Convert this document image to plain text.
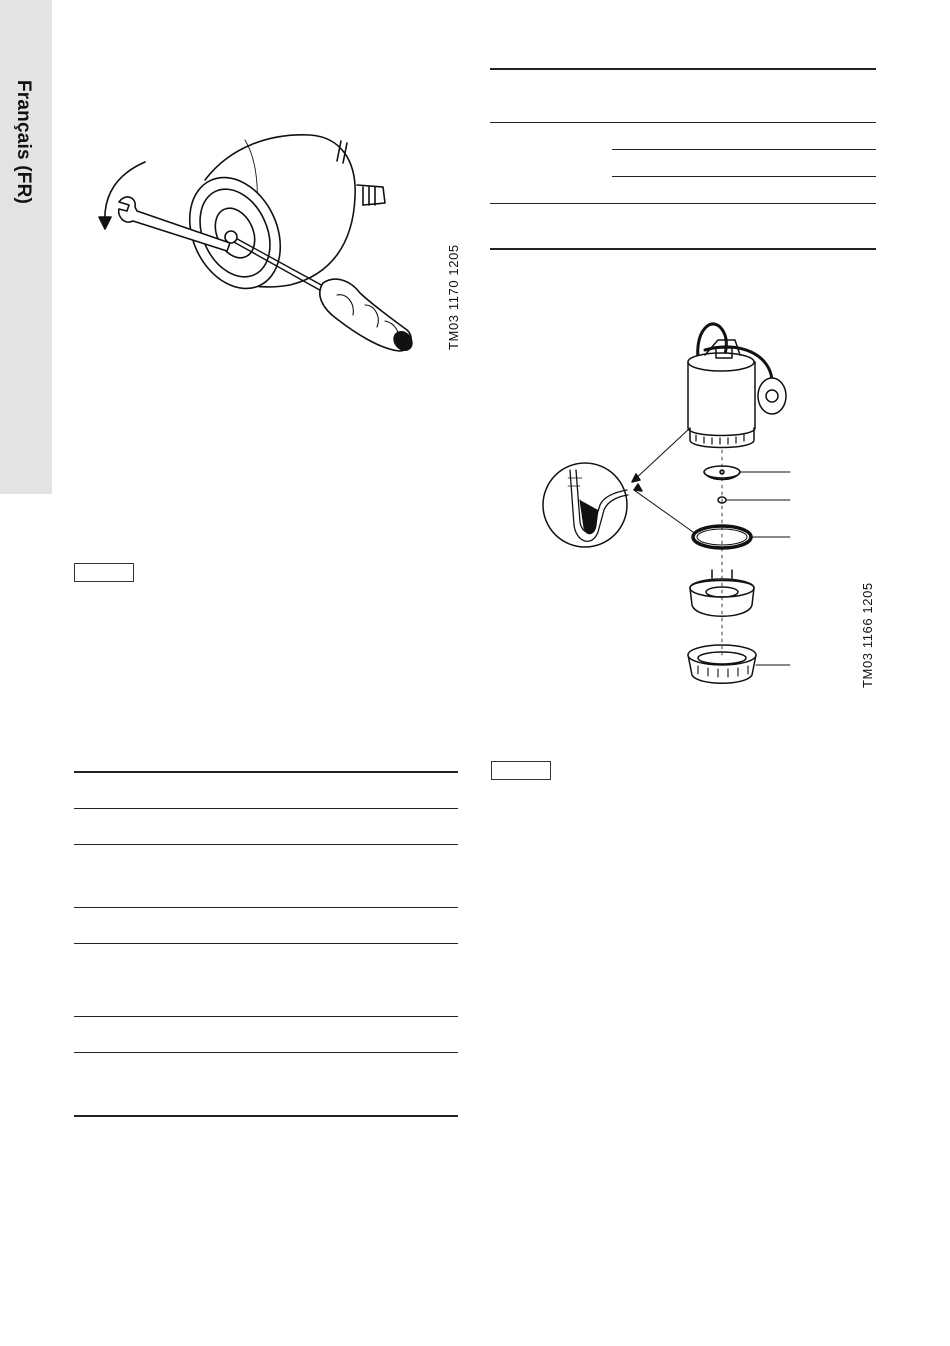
Français (FR)
TM03 1170 1205
TM03 1166 1205
